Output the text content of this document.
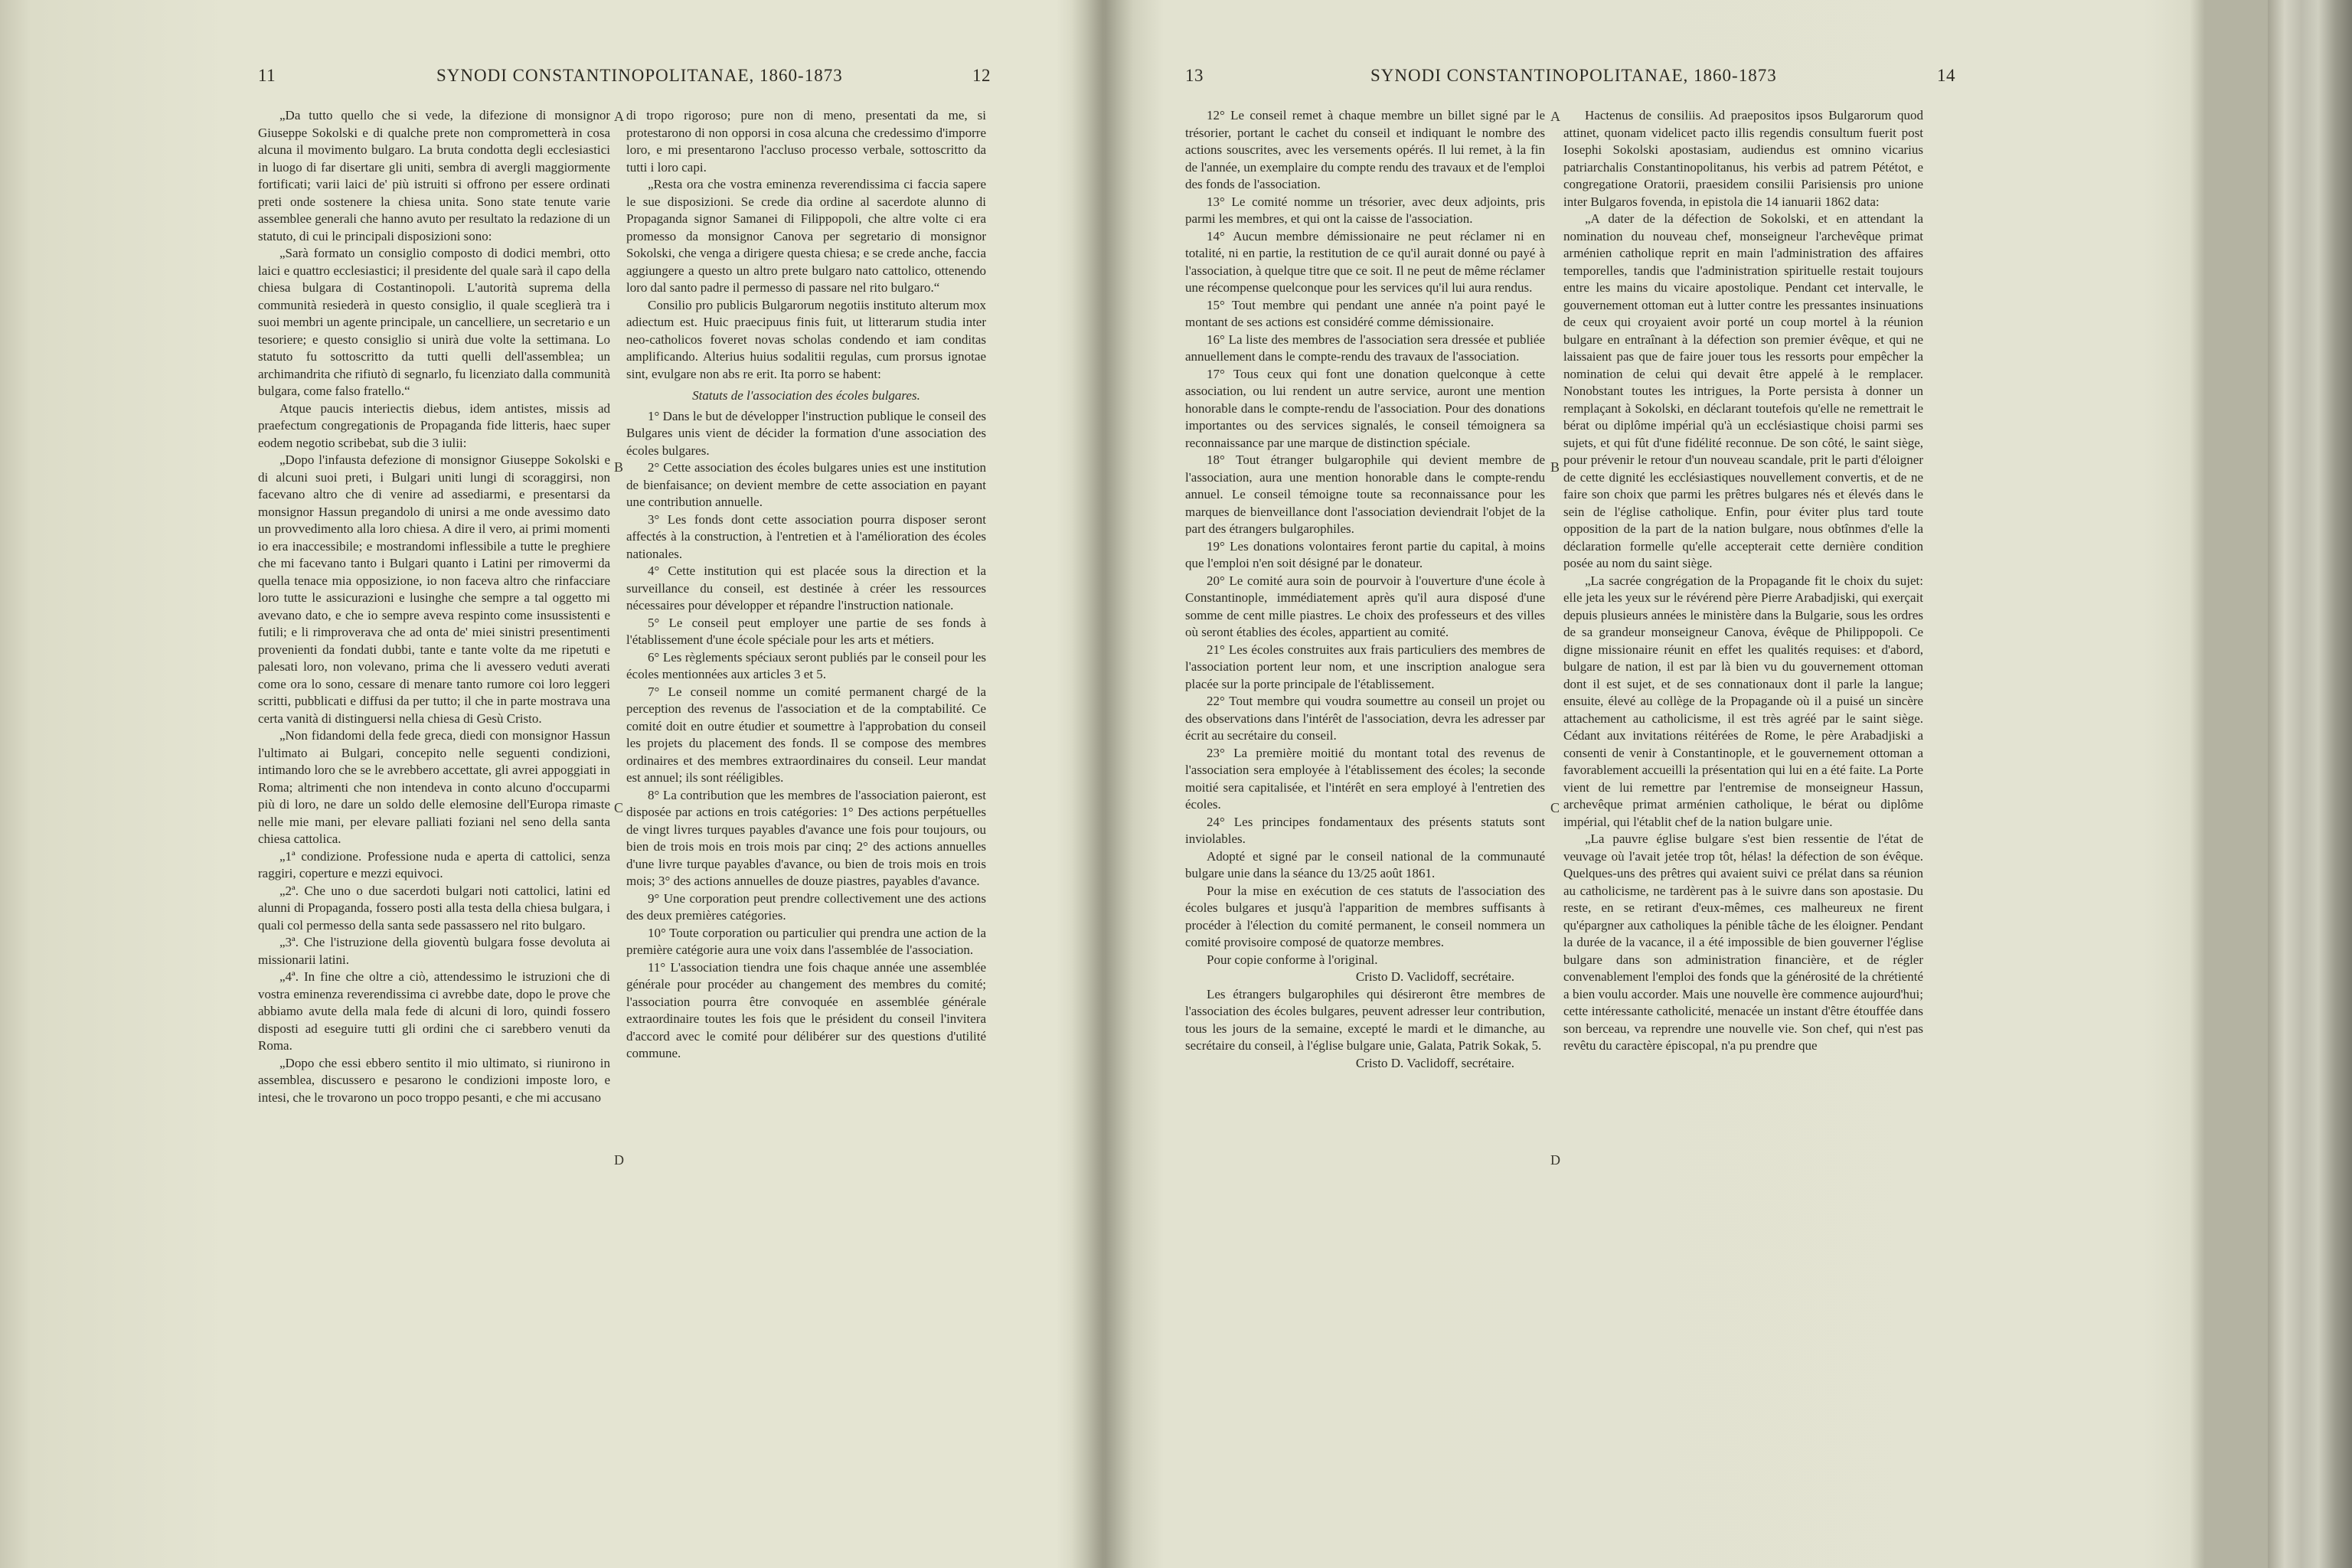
11	SYNODI CONSTANTINOPOLITANAE, 1860-1873	12

„Da tutto quello che si vede, la difezione di monsignor Giuseppe Sokolski e di qualche prete non comprometterà in cosa alcuna il movimento bulgaro. La bruta condotta degli ecclesiastici in luogo di far disertare gli uniti, sembra di avergli maggiormente fortificati; varii laici de' più istruiti si offrono per essere ordinati preti onde sostenere la chiesa unita. Sono state tenute varie assemblee generali che hanno avuto per resultato la redazione di un statuto, di cui le principali disposizioni sono:

„Sarà formato un consiglio composto di dodici membri, otto laici e quattro ecclesiastici; il presidente del quale sarà il capo della chiesa bulgara di Costantinopoli. L'autorità suprema della communità resiederà in questo consiglio, il quale sceglierà tra i suoi membri un agente principale, un cancelliere, un secretario e un tesoriere; e questo consiglio si unirà due volte la settimana. Lo statuto fu sottoscritto da tutti quelli dell'assemblea; un archimandrita che rifiutò di segnarlo, fu licenziato dalla communità bulgara, come falso fratello.“

Atque paucis interiectis diebus, idem antistes, missis ad praefectum congregationis de Propaganda fide litteris, haec super eodem negotio scribebat, sub die 3 iulii:

„Dopo l'infausta defezione di monsignor Giuseppe Sokolski e di alcuni suoi preti, i Bulgari uniti lungi di scoraggirsi, non facevano altro che di venire ad assediarmi, e presentarsi da monsignor Hassun pregandolo di unirsi a me onde avessimo dato un provvedimento alla loro chiesa. A dire il vero, ai primi momenti io era inaccessibile; e mostrandomi inflessibile a tutte le preghiere che mi facevano tanto i Bulgari quanto i Latini per rimovermi da quella tenace mia opposizione, io non faceva altro che rinfacciare loro tutte le assicurazioni e lusinghe che sempre a tal oggetto mi avevano dato, e che io sempre aveva respinto come insussistenti e futili; e li rimproverava che ad onta de' miei sinistri presentimenti provenienti da fondati dubbi, tante e tante volte da me ripetuti e palesati loro, non volevano, prima che li avessero veduti averati come ora lo sono, cessare di menare tanto rumore coi loro leggeri scritti, pubblicati e diffusi da per tutto; il che in parte mostrava una certa vanità di distinguersi nella chiesa di Gesù Cristo.

„Non fidandomi della fede greca, diedi con monsignor Hassun l'ultimato ai Bulgari, concepito nelle seguenti condizioni, intimando loro che se le avrebbero accettate, gli avrei appoggiati in Roma; altrimenti che non intendeva in conto alcuno d'occuparmi più di loro, ne dare un soldo delle elemosine dell'Europa rimaste nelle mie mani, per elevare palliati foziani nel seno della santa chiesa cattolica.

„1ª condizione. Professione nuda e aperta di cattolici, senza raggiri, coperture e mezzi equivoci.

„2ª. Che uno o due sacerdoti bulgari noti cattolici, latini ed alunni di Propaganda, fossero posti alla testa della chiesa bulgara, i quali col permesso della santa sede passassero nel rito bulgaro.

„3ª. Che l'istruzione della gioventù bulgara fosse devoluta ai missionarii latini.

„4ª. In fine che oltre a ciò, attendessimo le istruzioni che di vostra eminenza reverendissima ci avrebbe date, dopo le prove che abbiamo avute della mala fede di alcuni di loro, quindi fossero disposti ad eseguire tutti gli ordini che ci sarebbero venuti da Roma.

„Dopo che essi ebbero sentito il mio ultimato, si riunirono in assemblea, discussero e pesarono le condizioni imposte loro, e intesi, che le trovarono un poco troppo pesanti, e che mi accusano

di tropo rigoroso; pure non di meno, presentati da me, si protestarono di non opporsi in cosa alcuna che credessimo d'imporre loro, e mi presentarono l'accluso processo verbale, sottoscritto da tutti i loro capi.

„Resta ora che vostra eminenza reverendissima ci faccia sapere le sue disposizioni. Se crede dia ordine al sacerdote alunno di Propaganda signor Samanei di Filippopoli, che altre volte ci era promesso da monsignor Canova per segretario di monsignor Sokolski, che venga a dirigere questa chiesa; e se crede anche, faccia aggiungere a questo un altro prete bulgaro nato cattolico, ottenendo loro dal santo padre il permesso di passare nel rito bulgaro.“

Consilio pro publicis Bulgarorum negotiis instituto alterum mox adiectum est. Huic praecipuus finis fuit, ut litterarum studia inter neo-catholicos foveret novas scholas condendo et iam conditas amplificando. Alterius huius sodalitii regulas, cum prorsus ignotae sint, evulgare non abs re erit. Ita porro se habent:

Statuts de l'association des écoles bulgares.

1° Dans le but de développer l'instruction publique le conseil des Bulgares unis vient de décider la formation d'une association des écoles bulgares.

2° Cette association des écoles bulgares unies est une institution de bienfaisance; on devient membre de cette association en payant une contribution annuelle.

3° Les fonds dont cette association pourra disposer seront affectés à la construction, à l'entretien et à l'amélioration des écoles nationales.

4° Cette institution qui est placée sous la direction et la surveillance du conseil, est destinée à créer les ressources nécessaires pour développer et répandre l'instruction nationale.

5° Le conseil peut employer une partie de ses fonds à l'établissement d'une école spéciale pour les arts et métiers.

6° Les règlements spéciaux seront publiés par le conseil pour les écoles mentionnées aux articles 3 et 5.

7° Le conseil nomme un comité permanent chargé de la perception des revenus de l'association et de la comptabilité. Ce comité doit en outre étudier et soumettre à l'approbation du conseil les projets du placement des fonds. Il se compose des membres ordinaires et des membres extraordinaires du conseil. Leur mandat est annuel; ils sont rééligibles.

8° La contribution que les membres de l'association paieront, est disposée par actions en trois catégories: 1° Des actions perpétuelles de vingt livres turques payables d'avance une fois pour toujours, ou bien de trois mois en trois mois par cinq; 2° des actions annuelles d'une livre turque payables d'avance, ou bien de trois mois en trois mois; 3° des actions annuelles de douze piastres, payables d'avance.

9° Une corporation peut prendre collectivement une des actions des deux premières catégories.

10° Toute corporation ou particulier qui prendra une action de la première catégorie aura une voix dans l'assemblée de l'association.

11° L'association tiendra une fois chaque année une assemblée générale pour procéder au changement des membres du comité; l'association pourra être convoquée en assemblée générale extraordinaire toutes les fois que le président du conseil l'invitera d'accord avec le comité pour délibérer sur des questions d'utilité commune.

A
B
C
D
13	SYNODI CONSTANTINOPOLITANAE, 1860-1873	14

12° Le conseil remet à chaque membre un billet signé par le trésorier, portant le cachet du conseil et indiquant le nombre des actions souscrites, avec les versements opérés. Il lui remet, à la fin de l'année, un exemplaire du compte rendu des travaux et de l'emploi des fonds de l'association.

13° Le comité nomme un trésorier, avec deux adjoints, pris parmi les membres, et qui ont la caisse de l'association.

14° Aucun membre démissionaire ne peut réclamer ni en totalité, ni en partie, la restitution de ce qu'il aurait donné ou payé à l'association, à quelque titre que ce soit. Il ne peut de même réclamer une récompense quelconque pour les services qu'il lui aura rendus.

15° Tout membre qui pendant une année n'a point payé le montant de ses actions est considéré comme démissionaire.

16° La liste des membres de l'association sera dressée et publiée annuellement dans le compte-rendu des travaux de l'association.

17° Tous ceux qui font une donation quelconque à cette association, ou lui rendent un autre service, auront une mention honorable dans le compte-rendu de l'association. Pour des donations importantes ou des services signalés, le conseil témoignera sa reconnaissance par une marque de distinction spéciale.

18° Tout étranger bulgarophile qui devient membre de l'association, aura une mention honorable dans le compte-rendu annuel. Le conseil témoigne toute sa reconnaissance pour les marques de bienveillance dont l'association deviendrait l'objet de la part des étrangers bulgarophiles.

19° Les donations volontaires feront partie du capital, à moins que l'emploi n'en soit désigné par le donateur.

20° Le comité aura soin de pourvoir à l'ouverture d'une école à Constantinople, immédiatement après qu'il aura disposé d'une somme de cent mille piastres. Le choix des professeurs et des villes où seront établies des écoles, appartient au comité.

21° Les écoles construites aux frais particuliers des membres de l'association portent leur nom, et une inscription analogue sera placée sur la porte principale de l'établissement.

22° Tout membre qui voudra soumettre au conseil un projet ou des observations dans l'intérêt de l'association, devra les adresser par écrit au secrétaire du conseil.

23° La première moitié du montant total des revenus de l'association sera employée à l'établissement des écoles; la seconde moitié sera capitalisée, et l'intérêt en sera employé à l'entretien des écoles.

24° Les principes fondamentaux des présents statuts sont inviolables.

Adopté et signé par le conseil national de la communauté bulgare unie dans la séance du 13/25 août 1861.

Pour la mise en exécution de ces statuts de l'association des écoles bulgares et jusqu'à l'apparition de membres suffisants à procéder à l'élection du comité permanent, le conseil nommera un comité provisoire composé de quatorze membres.

Pour copie conforme à l'original.

Cristo D. Vaclidoff, secrétaire.

Les étrangers bulgarophiles qui désireront être membres de l'association des écoles bulgares, peuvent adresser leur contribution, tous les jours de la semaine, excepté le mardi et le dimanche, au secrétaire du conseil, à l'église bulgare unie, Galata, Patrik Sokak, 5.

Cristo D. Vaclidoff, secrétaire.

Hactenus de consiliis. Ad praepositos ipsos Bulgarorum quod attinet, quonam videlicet pacto illis regendis consultum fuerit post Iosephi Sokolski apostasiam, audiendus est omnino vicarius patriarchalis Constantinopolitanus, his verbis ad patrem Pététot, e congregatione Oratorii, praesidem consilii Parisiensis pro unione inter Bulgaros fovenda, in epistola die 14 ianuarii 1862 data:

„A dater de la défection de Sokolski, et en attendant la nomination du nouveau chef, monseigneur l'archevêque primat arménien catholique reprit en main l'administration des affaires temporelles, tandis que l'administration spirituelle restait toujours entre les mains du vicaire apostolique. Pendant cet intervalle, le gouvernement ottoman eut à lutter contre les pressantes insinuations de ceux qui croyaient avoir porté un coup mortel à la réunion bulgare en entraînant à la défection son premier évêque, et qui ne laissaient pas que de faire jouer tous les ressorts pour empêcher la nomination de celui qui devait être appelé à le remplacer. Nonobstant toutes les intrigues, la Porte persista à donner un remplaçant à Sokolski, en déclarant toutefois qu'elle ne remettrait le bérat ou diplôme impérial qu'à un ecclésiastique choisi parmi ses sujets, et qui fût d'une fidélité reconnue. De son côté, le saint siège, pour prévenir le retour d'un nouveau scandale, prit le parti d'éloigner de cette dignité les ecclésiastiques nouvellement convertis, et de ne faire son choix que parmi les prêtres bulgares nés et élevés dans le sein de l'église catholique. Enfin, pour éviter plus tard toute opposition de la part de la nation bulgare, nous obtînmes d'elle la déclaration formelle qu'elle accepterait cette dernière condition posée au nom du saint siège.

„La sacrée congrégation de la Propagande fit le choix du sujet: elle jeta les yeux sur le révérend père Pierre Arabadjiski, qui exerçait depuis plusieurs années le ministère dans la Bulgarie, sous les ordres de sa grandeur monseigneur Canova, évêque de Philippopoli. Ce digne missionaire réunit en effet les qualités requises: et d'abord, bulgare de nation, il est par là bien vu du gouvernement ottoman dont il est sujet, et de ses connationaux dont il parle la langue; ensuite, élevé au collège de la Propagande où il a puisé un sincère attachement au catholicisme, il est très agréé par le saint siège. Cédant aux invitations réitérées de Rome, le père Arabadjiski a consenti de venir à Constantinople, et le gouvernement ottoman a favorablement accueilli la présentation qui lui en a été faite. La Porte vient de lui remettre par l'entremise de monseigneur Hassun, archevêque primat arménien catholique, le bérat ou diplôme impérial, qui l'établit chef de la nation bulgare unie.

„La pauvre église bulgare s'est bien ressentie de l'état de veuvage où l'avait jetée trop tôt, hélas! la défection de son évêque. Quelques-uns des prêtres qui avaient suivi ce prélat dans sa réunion au catholicisme, ne tardèrent pas à le suivre dans son apostasie. Du reste, en se retirant d'eux-mêmes, ces malheureux ne firent qu'épargner aux catholiques la pénible tâche de les éloigner. Pendant la durée de la vacance, il a été impossible de bien gouverner l'église bulgare dans son administration financière, et de régler convenablement l'emploi des fonds que la générosité de la chrétienté a bien voulu accorder. Mais une nouvelle ère commence aujourd'hui; cette intéressante catholicité, menacée un instant d'être étouffée dans son berceau, va reprendre une nouvelle vie. Son chef, qui n'est pas revêtu du caractère épiscopal, n'a pu prendre que

A
B
C
D
